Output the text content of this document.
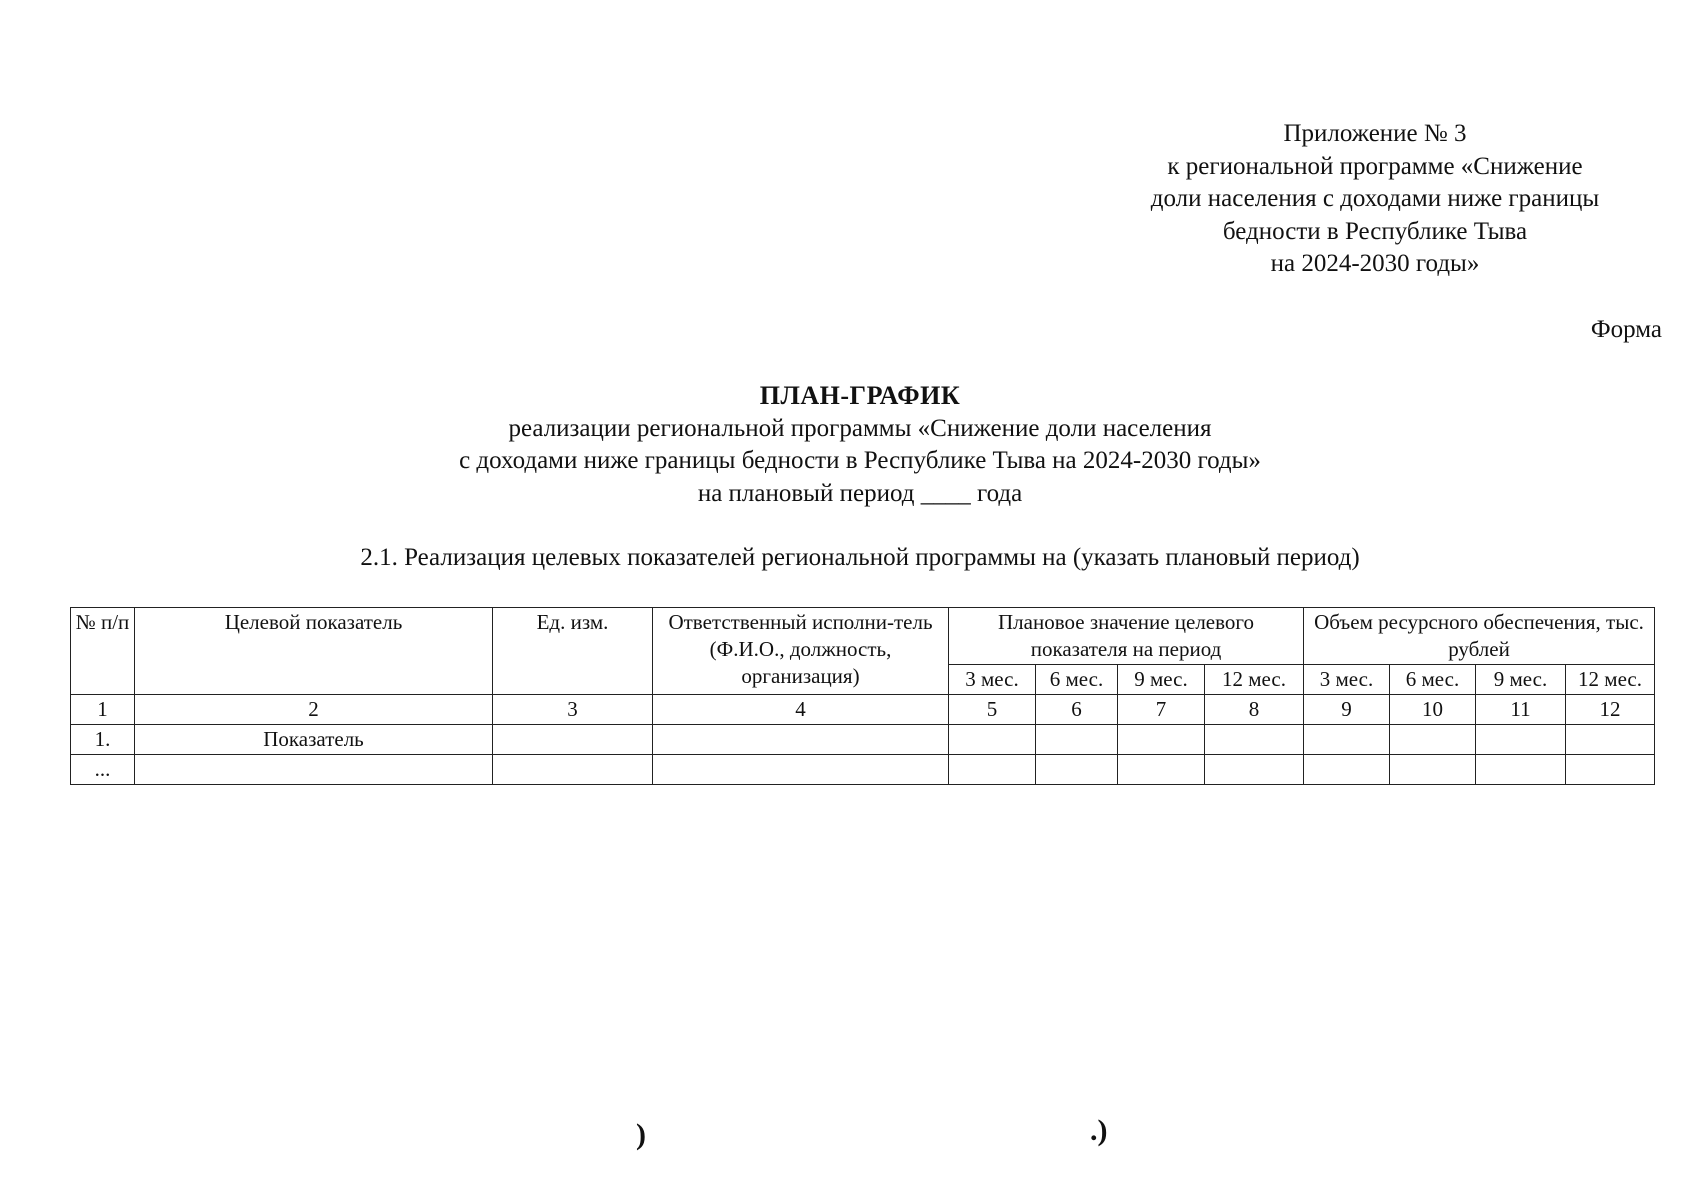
Приложение № 3
к региональной программе «Снижение
доли населения с доходами ниже границы
бедности в Республике Тыва
на 2024-2030 годы»
Форма
ПЛАН-ГРАФИК
реализации региональной программы «Снижение доли населения
с доходами ниже границы бедности в Республике Тыва на 2024-2030 годы»
на плановый период ____ года
2.1. Реализация целевых показателей региональной программы на (указать плановый период)
№ п/п	Целевой показатель	Ед. изм.	Ответственный исполни-тель (Ф.И.О., должность, организация)	Плановое значение целевого показателя на период				Объем ресурсного обеспечения, тыс. рублей			
				3 мес.	6 мес.	9 мес.	12 мес.	3 мес.	6 мес.	9 мес.	12 мес.
1	2	3	4	5	6	7	8	9	10	11	12
1.	Показатель										
...											
)	.)
